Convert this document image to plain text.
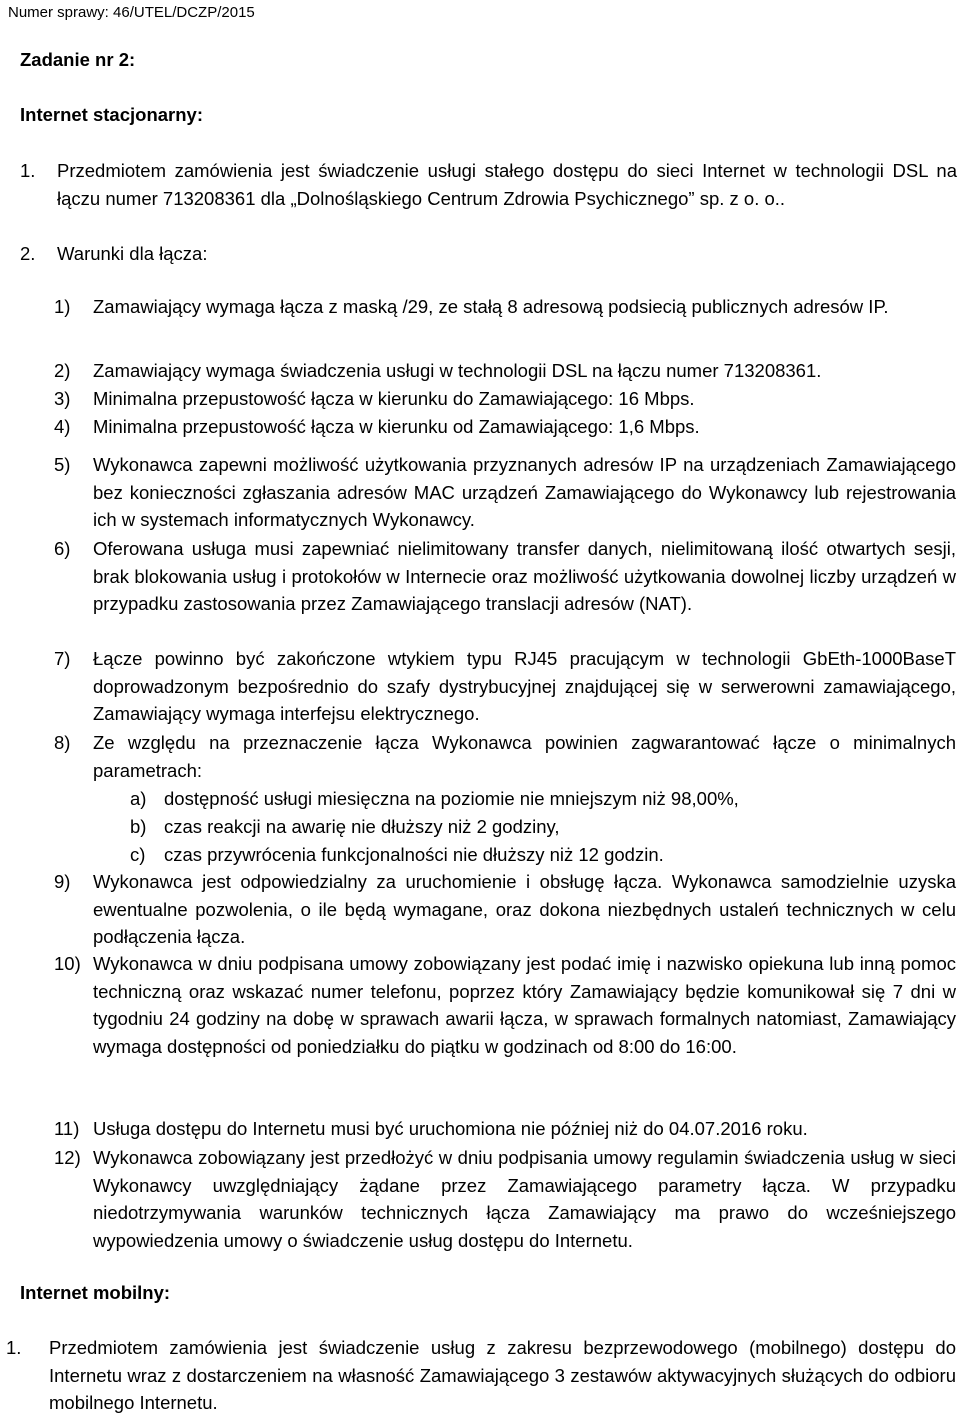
Numer sprawy: 46/UTEL/DCZP/2015
Zadanie nr 2:
Internet stacjonarny:
1. Przedmiotem zamówienia jest świadczenie usługi stałego dostępu do sieci Internet w technologii DSL na łączu numer 713208361 dla „Dolnośląskiego Centrum Zdrowia Psychicznego” sp. z o. o..
2. Warunki dla łącza:
1) Zamawiający wymaga łącza z maską /29, ze stałą 8 adresową podsiecią publicznych adresów IP.
2) Zamawiający wymaga świadczenia usługi w technologii DSL na łączu numer 713208361.
3) Minimalna przepustowość łącza w kierunku do Zamawiającego: 16 Mbps.
4) Minimalna przepustowość łącza w kierunku od Zamawiającego: 1,6 Mbps.
5) Wykonawca zapewni możliwość użytkowania przyznanych adresów IP na urządzeniach Zamawiającego bez konieczności zgłaszania adresów MAC urządzeń Zamawiającego do Wykonawcy lub rejestrowania ich w systemach informatycznych Wykonawcy.
6) Oferowana usługa musi zapewniać nielimitowany transfer danych, nielimitowaną ilość otwartych sesji, brak blokowania usług i protokołów w Internecie oraz możliwość użytkowania dowolnej liczby urządzeń w przypadku zastosowania przez Zamawiającego translacji adresów (NAT).
7) Łącze powinno być zakończone wtykiem typu RJ45 pracującym w technologii GbEth-1000BaseT doprowadzonym bezpośrednio do szafy dystrybucyjnej znajdującej się w serwerowni zamawiającego, Zamawiający wymaga interfejsu elektrycznego.
8) Ze względu na przeznaczenie łącza Wykonawca powinien zagwarantować łącze o minimalnych parametrach:
a) dostępność usługi miesięczna na poziomie nie mniejszym niż 98,00%,
b) czas reakcji na awarię nie dłuższy niż 2 godziny,
c) czas przywrócenia funkcjonalności nie dłuższy niż 12 godzin.
9) Wykonawca jest odpowiedzialny za uruchomienie i obsługę łącza. Wykonawca samodzielnie uzyska ewentualne pozwolenia, o ile będą wymagane, oraz dokona niezbędnych ustaleń technicznych w celu podłączenia łącza.
10) Wykonawca w dniu podpisana umowy zobowiązany jest podać imię i nazwisko opiekuna lub inną pomoc techniczną oraz wskazać numer telefonu, poprzez który Zamawiający będzie komunikował się 7 dni w tygodniu 24 godziny na dobę w sprawach awarii łącza, w sprawach formalnych natomiast, Zamawiający wymaga dostępności od poniedziałku do piątku w godzinach od 8:00 do 16:00.
11) Usługa dostępu do Internetu musi być uruchomiona nie później niż do 04.07.2016 roku.
12) Wykonawca zobowiązany jest przedłożyć w dniu podpisania umowy regulamin świadczenia usług w sieci Wykonawcy uwzględniający żądane przez Zamawiającego parametry łącza. W przypadku niedotrzymywania warunków technicznych łącza Zamawiający ma prawo do wcześniejszego wypowiedzenia umowy o świadczenie usług dostępu do Internetu.
Internet mobilny:
1. Przedmiotem zamówienia jest świadczenie usług z zakresu bezprzewodowego (mobilnego) dostępu do Internetu wraz z dostarczeniem na własność Zamawiającego 3 zestawów aktywacyjnych służących do odbioru mobilnego Internetu.
